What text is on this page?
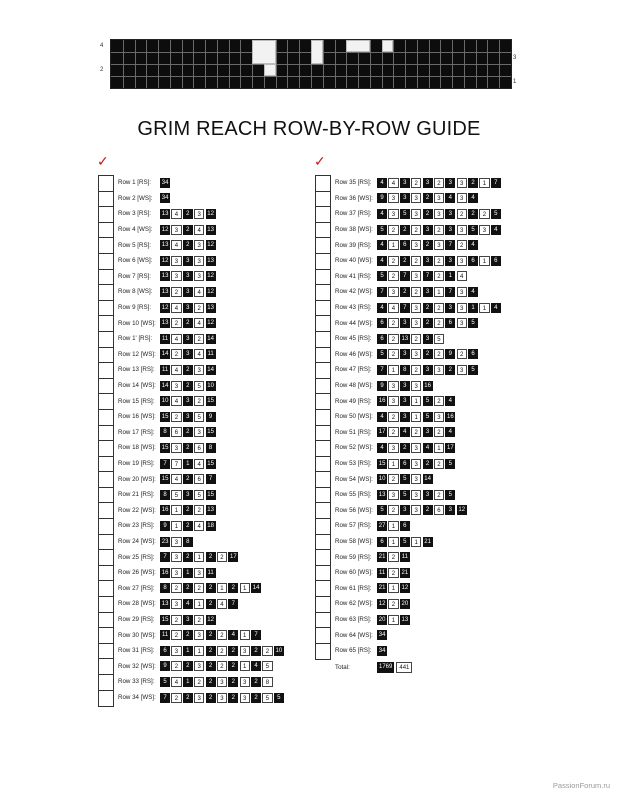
4
2
3
1
GRIM REACH ROW-BY-ROW GUIDE
✓
Row 1 [RS]:	34
Row 2 [WS]:	34
Row 3 [RS]:	13	4	2	3	12
Row 4 [WS]:	12	3	2	4	13
Row 5 [RS]:	13	4	2	3	12
Row 6 [WS]:	12	3	3	3	13
Row 7 [RS]:	13	3	3	3	12
Row 8 [WS]:	13	2	3	4	12
Row 9 [RS]:	12	4	3	2	13
Row 10 [WS]: 13	2	2	4	12
Row 1' [RS]:	11	4	3	2	14
Row 12 [WS]: 14	2	3	4	11
Row 13 [RS]:	11	4	2	3	14
Row 14 [WS]: 14	3	2	5	10
Row 15 [RS]:	10	4	3	2	15
Row 16 [WS]: 15	2	3	5	9
Row 17 [RS]:	8	6	2	3	15
Row 18 [WS]: 15	3	2	6	8
Row 19 [RS]:	7	7	1	4	15
Row 20 [WS]: 15	4	2	6	7
Row 21 [RS]:	8	5	3	5	15
Row 22 [WS]: 16	1	2	2	13
Row 23 [RS]:	9	1	2	4	18
Row 24 [WS]: 23	3	8
Row 25 [RS]:	7	3	2	1	2	2	17
Row 26 [WS]: 16	3	1	3	11
Row 27 [RS]:	8	2	2	2	2	1	2	1	14
Row 28 [WS]: 13	3	4	1	2	4	7
Row 29 [RS]:	15	2	3	2	12
Row 30 [WS]:	11	2	2	3	2	2	4	1	7
Row 31 [RS]:	6	3	1	1	2	2	2	3	2	2	10
Row 32 [WS]:	9	2	2	3	2	2	2	1	4	5
Row 33 [RS]:	5	4	1	2	2	3	2	3	2	8
Row 34 [WS]:	7	2	2	3	2	3	2	3	2	5	5
✓
Row 35 [RS]:	4	4	3	2	3	2	3	3	2	1	7
Row 36 [WS]:	9	3	3	3	2	3	4	3	4
Row 37 [RS]:	4	3	5	3	2	3	3	2	2	2	5
Row 38 [WS]:	5	2	2	2	3	2	3	3	5	3	4
Row 39 [RS]:	4	1	6	3	2	3	7	2	4
Row 40 [WS]:	4	2	2	2	3	2	3	3	6	1	6
Row 41 [RS]:	5	2	7	3	7	2	1	4
Row 42 [WS]:	7	3	2	2	3	1	7	3	4
Row 43 [RS]:	4	4	7	3	2	2	3	3	1	1	4
Row 44 [WS]:	6	2	3	3	2	2	6	3	5
Row 45 [RS]:	6	2	13	2	3	5
Row 46 [WS]:	5	2	3	3	2	2	9	2	6
Row 47 [RS]:	7	1	8	2	3	3	2	3	5
Row 48 [WS]:	9	3	3	3	16
Row 49 [RS]:	16	3	3	1	5	2	4
Row 50 [WS]:	4	2	3	1	5	3	16
Row 51 [RS]:	17	2	4	2	3	2	4
Row 52 [WS]:	4	3	2	3	4	1	17
Row 53 [RS]:	15	1	6	3	2	2	5
Row 54 [WS]: 10	2	5	3	14
Row 55 [RS]:	13	3	5	3	3	2	5
Row 56 [WS]:	5	2	3	3	2	6	3	12
Row 57 [RS]:	27	1	6
Row 58 [WS]:	6	1	5	1	21
Row 59 [RS]:	21	2	11
Row 60 [WS]:	11	2	21
Row 61 [RS]:	21	1	12
Row 62 [WS]: 12	2	20
Row 63 [RS]:	20	1	13
Row 64 [WS]: 34
Row 65 [RS]:	34
Total:	1769	441
PassionForum.ru
